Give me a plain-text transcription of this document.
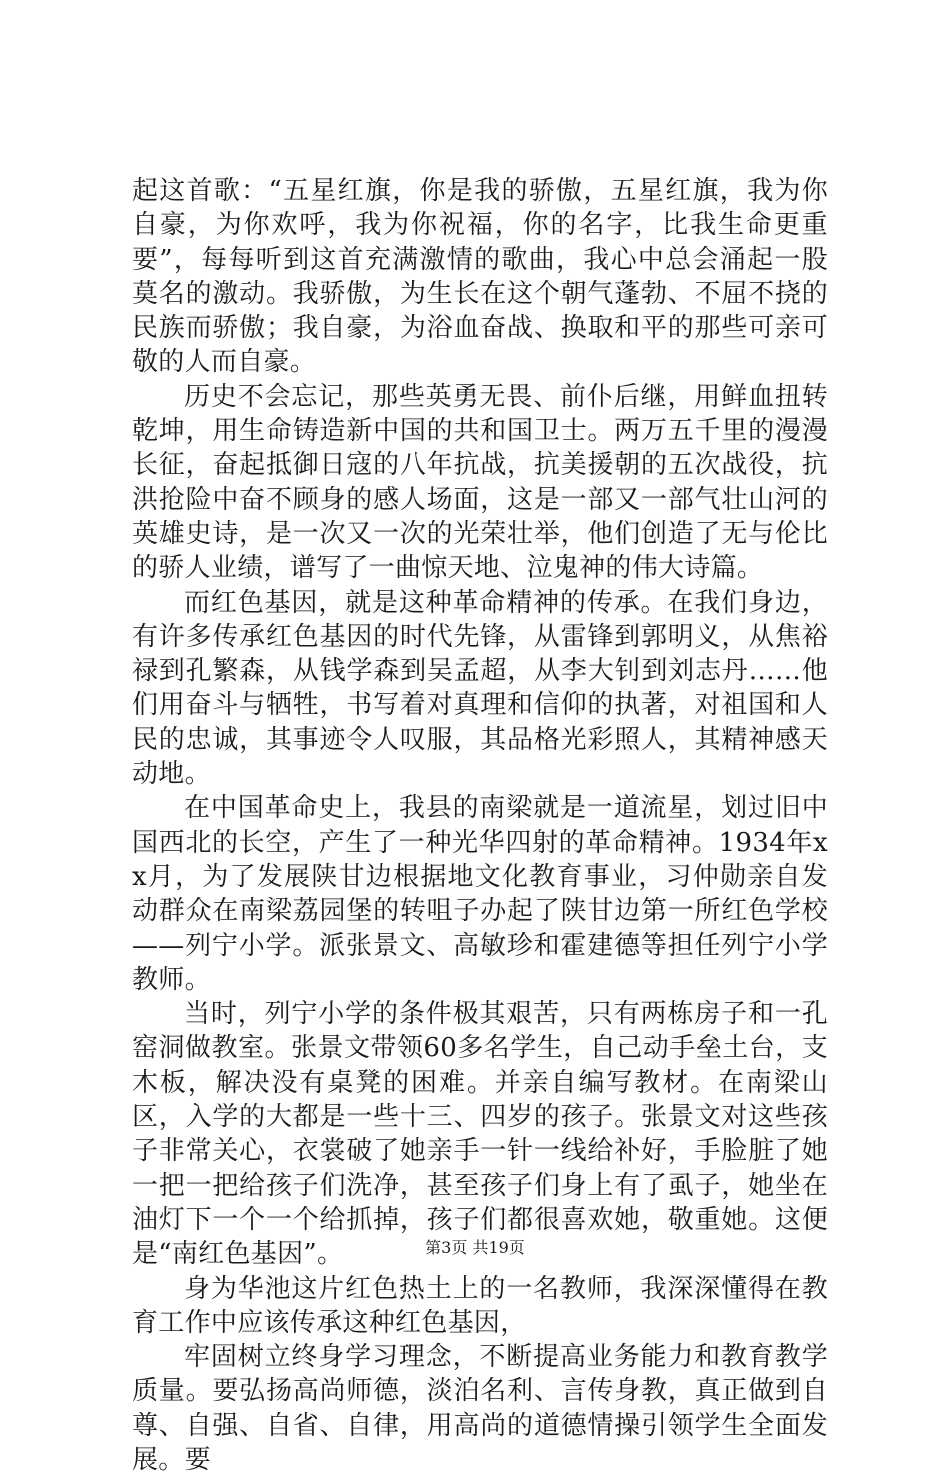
起这首歌：“五星红旗，你是我的骄傲，五星红旗，我为你自豪，为你欢呼，我为你祝福，你的名字，比我生命更重要”，每每听到这首充满激情的歌曲，我心中总会涌起一股莫名的激动。我骄傲，为生长在这个朝气蓬勃、不屈不挠的民族而骄傲；我自豪，为浴血奋战、换取和平的那些可亲可敬的人而自豪。

历史不会忘记，那些英勇无畏、前仆后继，用鲜血扭转乾坤，用生命铸造新中国的共和国卫士。两万五千里的漫漫长征，奋起抵御日寇的八年抗战，抗美援朝的五次战役，抗洪抢险中奋不顾身的感人场面，这是一部又一部气壮山河的英雄史诗，是一次又一次的光荣壮举，他们创造了无与伦比的骄人业绩，谱写了一曲惊天地、泣鬼神的伟大诗篇。

而红色基因，就是这种革命精神的传承。在我们身边，有许多传承红色基因的时代先锋，从雷锋到郭明义，从焦裕禄到孔繁森，从钱学森到吴孟超，从李大钊到刘志丹……他们用奋斗与牺牲，书写着对真理和信仰的执著，对祖国和人民的忠诚，其事迹令人叹服，其品格光彩照人，其精神感天动地。

在中国革命史上，我县的南梁就是一道流星，划过旧中国西北的长空，产生了一种光华四射的革命精神。1934年xx月，为了发展陕甘边根据地文化教育事业，习仲勋亲自发动群众在南梁荔园堡的转咀子办起了陕甘边第一所红色学校——列宁小学。派张景文、高敏珍和霍建德等担任列宁小学教师。

当时，列宁小学的条件极其艰苦，只有两栋房子和一孔窑洞做教室。张景文带领60多名学生，自己动手垒土台，支木板，解决没有桌凳的困难。并亲自编写教材。在南梁山区，入学的大都是一些十三、四岁的孩子。张景文对这些孩子非常关心，衣裳破了她亲手一针一线给补好，手脸脏了她一把一把给孩子们洗净，甚至孩子们身上有了虱子，她坐在油灯下一个一个给抓掉，孩子们都很喜欢她，敬重她。这便是“南红色基因”。

身为华池这片红色热土上的一名教师，我深深懂得在教育工作中应该传承这种红色基因，

牢固树立终身学习理念，不断提高业务能力和教育教学质量。要弘扬高尚师德，淡泊名利、言传身教，真正做到自尊、自强、自省、自律，用高尚的道德情操引领学生全面发展。要

第3页 共19页
